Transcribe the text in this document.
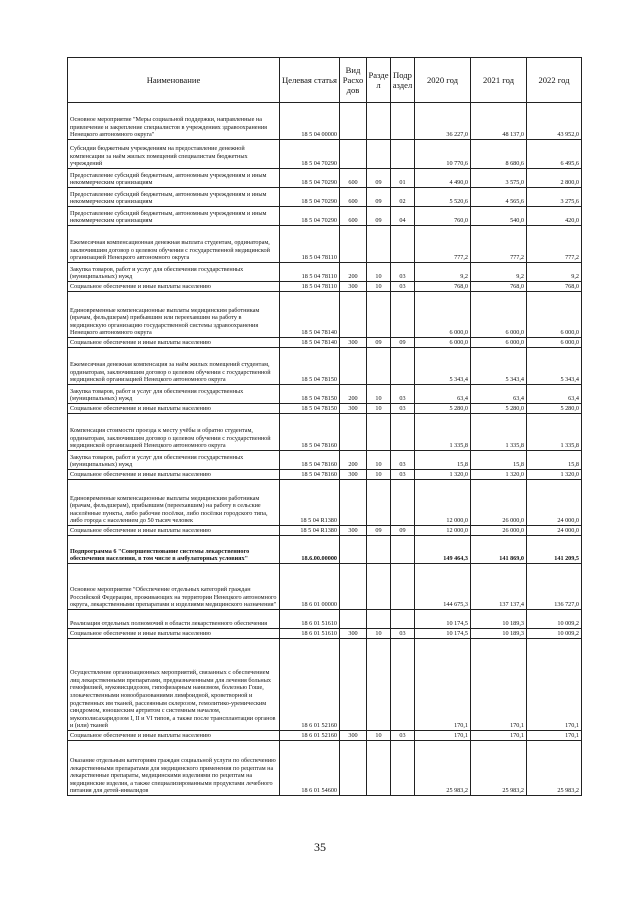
Наименование	Целевая статья	Вид Расхо дов	Разде л	Подр аздел	2020 год	2021 год	2022 год
Основное мероприятие "Меры социальной поддержки, направленные на привлечение и закрепление специалистов в учреждениях здравоохранения Ненецкого автономного округа"	18 5 04 00000				36 227,0	48 137,0	43 952,0
Субсидии бюджетным учреждениям на предоставление денежной компенсации за наём жилых помещений специалистам бюджетных учреждений	18 5 04 70290				10 770,6	8 680,6	6 495,6
Предоставление субсидий бюджетным, автономным учреждениям и иным некоммерческим организациям	18 5 04 70290	600	09	01	4 490,0	3 575,0	2 800,0
Предоставление субсидий бюджетным, автономным учреждениям и иным некоммерческим организациям	18 5 04 70290	600	09	02	5 520,6	4 565,6	3 275,6
Предоставление субсидий бюджетным, автономным учреждениям и иным некоммерческим организациям	18 5 04 70290	600	09	04	760,0	540,0	420,0
Ежемесячная компенсационная денежная выплата студентам, ординаторам, заключившим договор о целевом обучении с государственной медицинской организацией Ненецкого автономного округа	18 5 04 78110				777,2	777,2	777,2
Закупка товаров, работ и услуг для обеспечения государственных (муниципальных) нужд	18 5 04 78110	200	10	03	9,2	9,2	9,2
Социальное обеспечение и иные выплаты населению	18 5 04 78110	300	10	03	768,0	768,0	768,0
Единовременные компенсационные выплаты медицинским работникам (врачам, фельдшерам) прибывшим или переехавшим на работу в медицинскую организацию государственной системы здравоохранения Ненецкого автономного округа	18 5 04 78140				6 000,0	6 000,0	6 000,0
Социальное обеспечение и иные выплаты населению	18 5 04 78140	300	09	09	6 000,0	6 000,0	6 000,0
Ежемесячная денежная компенсация за наём жилых помещений студентам, ординаторам, заключившим договор о целевом обучении с государственной медицинской организацией Ненецкого автономного округа	18 5 04 78150				5 343,4	5 343,4	5 343,4
Закупка товаров, работ и услуг для обеспечения государственных (муниципальных) нужд	18 5 04 78150	200	10	03	63,4	63,4	63,4
Социальное обеспечение и иные выплаты населению	18 5 04 78150	300	10	03	5 280,0	5 280,0	5 280,0
Компенсация стоимости проезда к месту учёбы и обратно студентам, ординаторам, заключившим договор о целевом обучении с государственной медицинской организацией Ненецкого автономного округа	18 5 04 78160				1 335,8	1 335,8	1 335,8
Закупка товаров, работ и услуг для обеспечения государственных (муниципальных) нужд	18 5 04 78160	200	10	03	15,8	15,8	15,8
Социальное обеспечение и иные выплаты населению	18 5 04 78160	300	10	03	1 320,0	1 320,0	1 320,0
Единовременные компенсационные выплаты медицинским работникам (врачам, фельдшерам), прибывшим (переехавшим) на работу в сельские населённые пункты, либо рабочие посёлки, либо посёлки городского типа, либо города с населением до 50 тысяч человек	18 5 04 R1380				12 000,0	26 000,0	24 000,0
Социальное обеспечение и иные выплаты населению	18 5 04 R1380	300	09	09	12 000,0	26 000,0	24 000,0
Подпрограмма 6 "Совершенствование системы лекарственного обеспечения населения, в том числе в амбулаторных условиях"	18.6.00.00000				149 464,3	141 869,0	141 209,5
Основное мероприятие "Обеспечение отдельных категорий граждан Российской Федерации, проживающих на территории Ненецкого автономного округа, лекарственными препаратами и изделиями медицинского назначения"	18 6 01 00000				144 675,3	137 137,4	136 727,0
Реализация отдельных полномочий в области лекарственного обеспечения	18 6 01 51610				10 174,5	10 189,3	10 009,2
Социальное обеспечение и иные выплаты населению	18 6 01 51610	300	10	03	10 174,5	10 189,3	10 009,2
Осуществление организационных мероприятий, связанных с обеспечением лиц лекарственными препаратами, предназначенными для лечения больных гемофилией, муковисцидозом, гипофизарным нанизмом, болезнью Гоше, злокачественными новообразованиями лимфоидной, кроветворной и родственных им тканей, рассеянным склерозом, гемолитико-уремическим синдромом, юношеским артритом с системным началом, мукополисахаридозом I, II и VI типов, а также после трансплантации органов и (или) тканей	18 6 01 52160				170,1	170,1	170,1
Социальное обеспечение и иные выплаты населению	18 6 01 52160	300	10	03	170,1	170,1	170,1
Оказание отдельным категориям граждан социальной услуги по обеспечению лекарственными препаратами для медицинского применения по рецептам на лекарственные препараты, медицинскими изделиями по рецептам на медицинские изделия, а также специализированными продуктами лечебного питания для детей-инвалидов	18 6 01 54600				25 983,2	25 983,2	25 983,2
35
